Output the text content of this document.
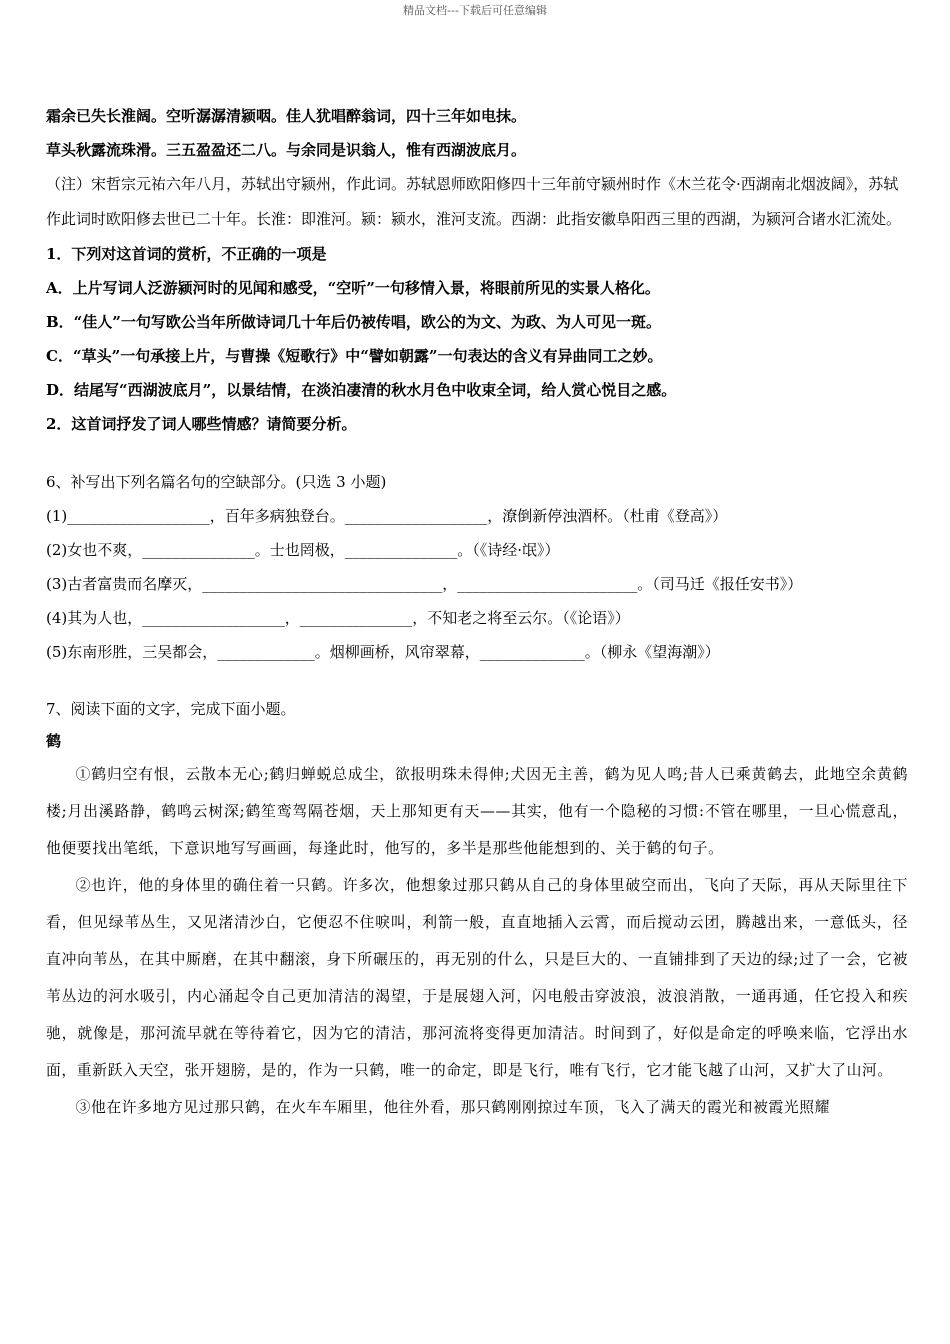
精品文档---下载后可任意编辑
霜余已失长淮阔。空听潺潺清颍咽。佳人犹唱醉翁词，四十三年如电抹。
草头秋露流珠滑。三五盈盈还二八。与余同是识翁人，惟有西湖波底月。
（注）宋哲宗元祐六年八月，苏轼出守颍州，作此词。苏轼恩师欧阳修四十三年前守颍州时作《木兰花令·西湖南北烟波阔》，苏轼作此词时欧阳修去世已二十年。长淮：即淮河。颍：颍水，淮河支流。西湖：此指安徽阜阳西三里的西湖，为颍河合诸水汇流处。
1．下列对这首词的赏析，不正确的一项是
A．上片写词人泛游颍河时的见闻和感受，“空听”一句移情入景，将眼前所见的实景人格化。
B．“佳人”一句写欧公当年所做诗词几十年后仍被传唱，欧公的为文、为政、为人可见一斑。
C．“草头”一句承接上片，与曹操《短歌行》中“譬如朝露”一句表达的含义有异曲同工之妙。
D．结尾写“西湖波底月”，以景结情，在淡泊凄清的秋水月色中收束全词，给人赏心悦目之感。
2．这首词抒发了词人哪些情感？请简要分析。
6、补写出下列名篇名句的空缺部分。(只选 3 小题)
(1)___________________，百年多病独登台。___________________，潦倒新停浊酒杯。（杜甫《登高》）
(2)女也不爽，_______________。士也罔极，_______________。（《诗经·氓》）
(3)古者富贵而名摩灭，________________________________，________________________。（司马迁《报任安书》）
(4)其为人也，___________________，_______________，不知老之将至云尔。（《论语》）
(5)东南形胜，三吴都会，_____________。烟柳画桥，风帘翠幕，______________。（柳永《望海潮》）
7、阅读下面的文字，完成下面小题。
鹤

①鹤归空有恨，云散本无心;鹤归蝉蜕总成尘，欲报明珠未得伸;犬因无主善，鹤为见人鸣;昔人已乘黄鹤去，此地空余黄鹤楼;月出溪路静，鹤鸣云树深;鹤笙鸾驾隔苍烟，天上那知更有天——其实，他有一个隐秘的习惯:不管在哪里，一旦心慌意乱，他便要找出笔纸，下意识地写写画画，每逢此时，他写的，多半是那些他能想到的、关于鹤的句子。

②也许，他的身体里的确住着一只鹤。许多次，他想象过那只鹤从自己的身体里破空而出，飞向了天际，再从天际里往下看，但见绿苇丛生，又见渚清沙白，它便忍不住唳叫，利箭一般，直直地插入云霄，而后搅动云团，腾越出来，一意低头，径直冲向苇丛，在其中厮磨，在其中翻滚，身下所碾压的，再无别的什么，只是巨大的、一直铺排到了天边的绿;过了一会，它被苇丛边的河水吸引，内心涌起令自己更加清洁的渴望，于是展翅入河，闪电般击穿波浪，波浪消散，一通再通，任它投入和疾驰，就像是，那河流早就在等待着它，因为它的清洁，那河流将变得更加清洁。时间到了，好似是命定的呼唤来临，它浮出水面，重新跃入天空，张开翅膀，是的，作为一只鹤，唯一的命定，即是飞行，唯有飞行，它才能飞越了山河，又扩大了山河。

③他在许多地方见过那只鹤，在火车车厢里，他往外看，那只鹤刚刚掠过车顶，飞入了满天的霞光和被霞光照耀
